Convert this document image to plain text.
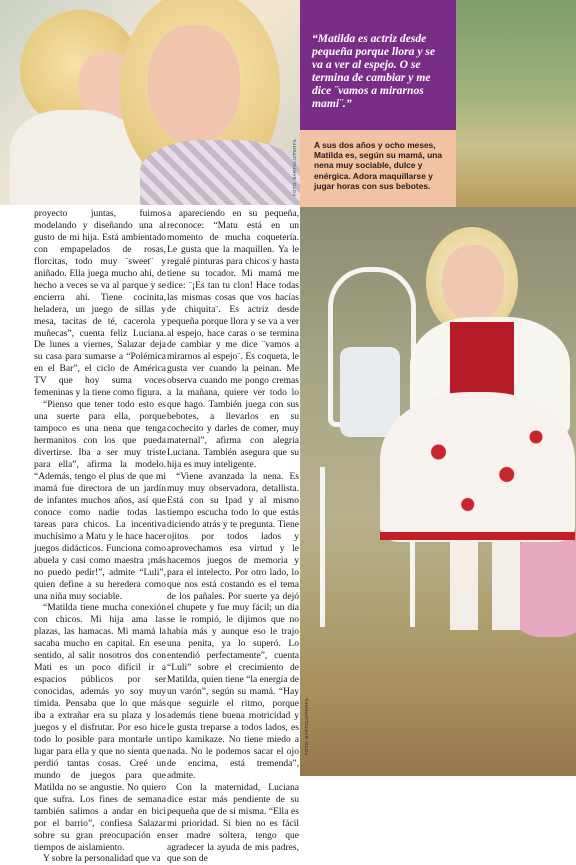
FOTO: BARTOLO/PERFIL
“Matilda es actriz desde pequeña porque llora y se va a ver al espejo. O se termina de cambiar y me dice ¨vamos a mirarnos mami¨.”
A sus dos años y ocho meses, Matilda es, según su mamá, una nena muy sociable, dulce y enérgica. Adora maquillarse y jugar horas con sus bebotes.
FOTO: BARTOLO/PERFIL

proyecto juntas, fuimos modelando y diseñando una al gusto de mi hija. Está ambientado con empapelados de rosas, florcitas, todo muy ¨sweet¨ y aniñado. Ella juega mucho ahí, de hecho a veces se va al parque y se encierra ahí. Tiene cocinita, heladera, un juego de sillas y mesa, tacitas de té, cacerola y muñecas”, cuenta feliz Luciana. De lunes a viernes, Salazar deja su casa para sumarse a “Polémica en el Bar”, el ciclo de América TV que hoy suma voces femeninas y la tiene como figura.

“Pienso que tener todo esto es una suerte para ella, porque tampoco es una nena que tenga hermanitos con los que pueda divertirse. Iba a ser muy triste para ella”, afirma la modelo. “Además, tengo el plus de que mi mamá fue directora de un jardín de infantes muchos años, así que conoce como nadie todas las tareas para chicos. La incentiva muchísimo a Matu y le hace hacer juegos didácticos. Funciona como abuela y casi como maestra ¡más no puedo pedir!”, admite “Luli”, quien define a su heredera como una niña muy sociable.

“Matilda tiene mucha conexión con chicos. Mi hija ama las plazas, las hamacas. Mi mamá la sacaba mucho en capital. En ese sentido, al salir nosotros dos con Mati es un poco difícil ir a espacios públicos por ser conocidas, además yo soy muy tímida. Pensaba que lo que más iba a extrañar era su plaza y los juegos y el disfrutar. Por eso hice todo lo posible para montarle un lugar para ella y que no sienta que perdió tantas cosas. Creé un mundo de juegos para que Matilda no se angustie. No quiero que sufra. Los fines de semana también salimos a andar en bici por el barrio”, confiesa Salazar sobre su gran preocupación en tiempos de aislamiento.

Y sobre la personalidad que va

a apareciendo en su pequeña, reconoce: “Matu está en un momento de mucha coquetería. Le gusta que la maquillen. Ya le regalé pinturas para chicos y hasta tiene su tocador. Mi mamá me dice: ¨¡Es tan tu clon! Hace todas las mismas cosas que vos hacías de chiquita¨. Es actriz desde pequeña porque llora y se va a ver al espejo, hace caras o se termina de cambiar y me dice ¨vamos a mirarnos al espejo¨. Es coqueta, le gusta ver cuando la peinan. Me observa cuando me pongo cremas a la mañana, quiere ver todo lo que hago. También juega con sus bebotes, a llevarlos en su cochecito y darles de comer, muy maternal”, afirma con alegría Luciana. También asegura que su hija es muy inteligente.

“Viene avanzada la nena. Es muy muy observadora, detallista. Está con su Ipad y al mismo tiempo escucha todo lo que estás diciendo atrás y te pregunta. Tiene ojitos por todos lados y aprovechamos esa virtud y le hacemos juegos de memoria y para el intelecto. Por otro lado, lo que nos está costando es el tema de los pañales. Por suerte ya dejó el chupete y fue muy fácil; un día se le rompió, le dijimos que no había más y aunque eso le trajo una penita, ya lo superó. Lo entendió perfectamente”, cuenta “Luli” sobre el crecimiento de Matilda, quien tiene “la energía de un varón”, según su mamá. “Hay que seguirle el ritmo, porque además tiene buena motricidad y le gusta treparse a todos lados, es tipo kamikaze. No tiene miedo a nada. No le podemos sacar el ojo de encima, está tremenda”, admite.

Con la maternidad, Luciana dice estar más pendiente de su pequeña que de sí misma. “Ella es mi prioridad. Si bien no es fácil ser madre soltera, tengo que agradecer la ayuda de mis padres, que son de
